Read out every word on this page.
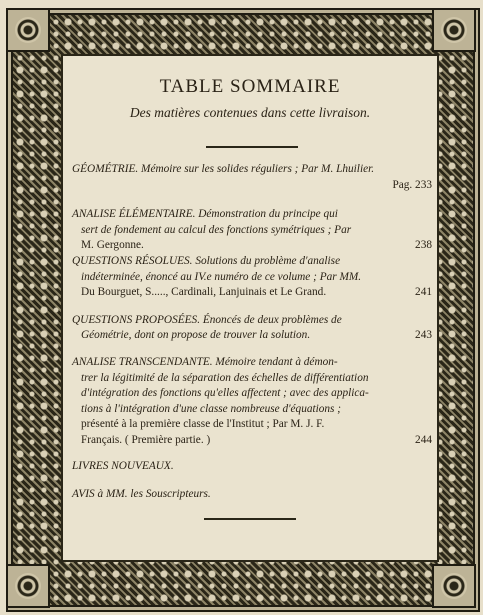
TABLE SOMMAIRE
Des matières contenues dans cette livraison.
GÉOMÉTRIE. Mémoire sur les solides réguliers ; Par M. Lhuilier.
Pag. 233
ANALISE ÉLÉMENTAIRE. Démonstration du principe qui
sert de fondement au calcul des fonctions symétriques ; Par
M. Gergonne.	238
QUESTIONS RÉSOLUES. Solutions du problème d'analise
indéterminée, énoncé au IV.e numéro de ce volume ; Par MM.
Du Bourguet, S....., Cardinali, Lanjuinais et Le Grand.	241
QUESTIONS PROPOSÉES. Énoncés de deux problèmes de
Géométrie, dont on propose de trouver la solution.	243
ANALISE TRANSCENDANTE. Mémoire tendant à démon-
trer la légitimité de la séparation des échelles de différentiation
d'intégration des fonctions qu'elles affectent ; avec des applica-
tions à l'intégration d'une classe nombreuse d'équations ;
présenté à la première classe de l'Institut ; Par M. J. F.
Français. ( Première partie. )	244
LIVRES NOUVEAUX.
AVIS à MM. les Souscripteurs.
